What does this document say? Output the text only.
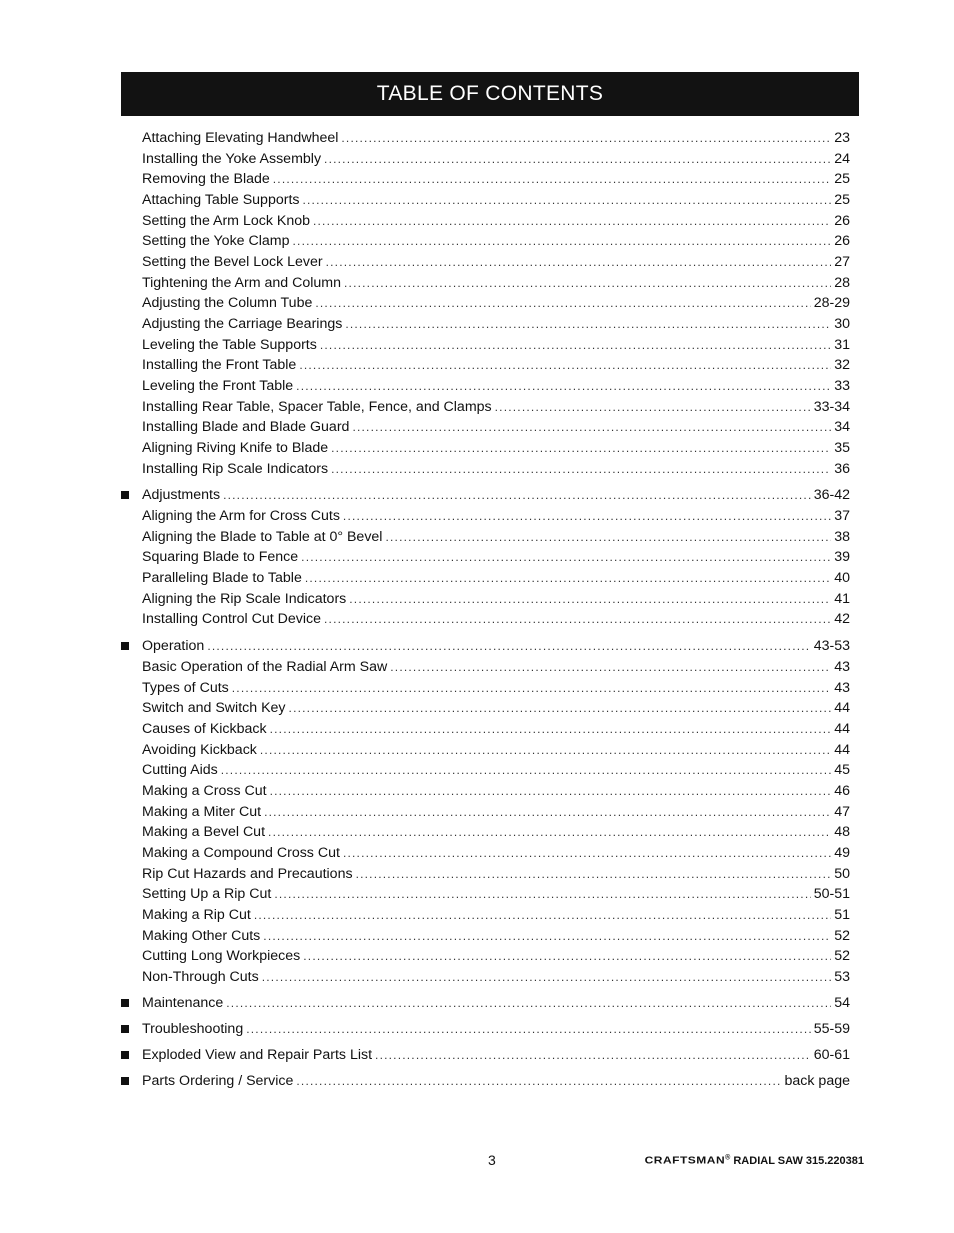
TABLE OF CONTENTS
Attaching Elevating Handwheel .....	23
Installing the Yoke Assembly .....	24
Removing the Blade .....	25
Attaching Table Supports .....	25
Setting the Arm Lock Knob .....	26
Setting the Yoke Clamp .....	26
Setting the Bevel Lock Lever .....	27
Tightening the Arm and Column .....	28
Adjusting the Column Tube .....	28-29
Adjusting the Carriage Bearings .....	30
Leveling the Table Supports .....	31
Installing the Front Table .....	32
Leveling the Front Table .....	33
Installing Rear Table, Spacer Table, Fence, and Clamps .....	33-34
Installing Blade and Blade Guard .....	34
Aligning Riving Knife to Blade .....	35
Installing Rip Scale Indicators .....	36
Adjustments .....	36-42
Aligning the Arm for Cross Cuts .....	37
Aligning the Blade to Table at 0° Bevel .....	38
Squaring Blade to Fence .....	39
Paralleling Blade to Table .....	40
Aligning the Rip Scale Indicators .....	41
Installing Control Cut Device .....	42
Operation .....	43-53
Basic Operation of the Radial Arm Saw .....	43
Types of Cuts .....	43
Switch and Switch Key .....	44
Causes of Kickback .....	44
Avoiding Kickback .....	44
Cutting Aids .....	45
Making a Cross Cut .....	46
Making a Miter Cut .....	47
Making a Bevel Cut .....	48
Making a Compound Cross Cut .....	49
Rip Cut Hazards and Precautions .....	50
Setting Up a Rip Cut .....	50-51
Making a Rip Cut .....	51
Making Other Cuts .....	52
Cutting Long Workpieces .....	52
Non-Through Cuts .....	53
Maintenance .....	54
Troubleshooting .....	55-59
Exploded View and Repair Parts List .....	60-61
Parts Ordering / Service .....	back page
3	CRAFTSMAN® RADIAL SAW 315.220381
